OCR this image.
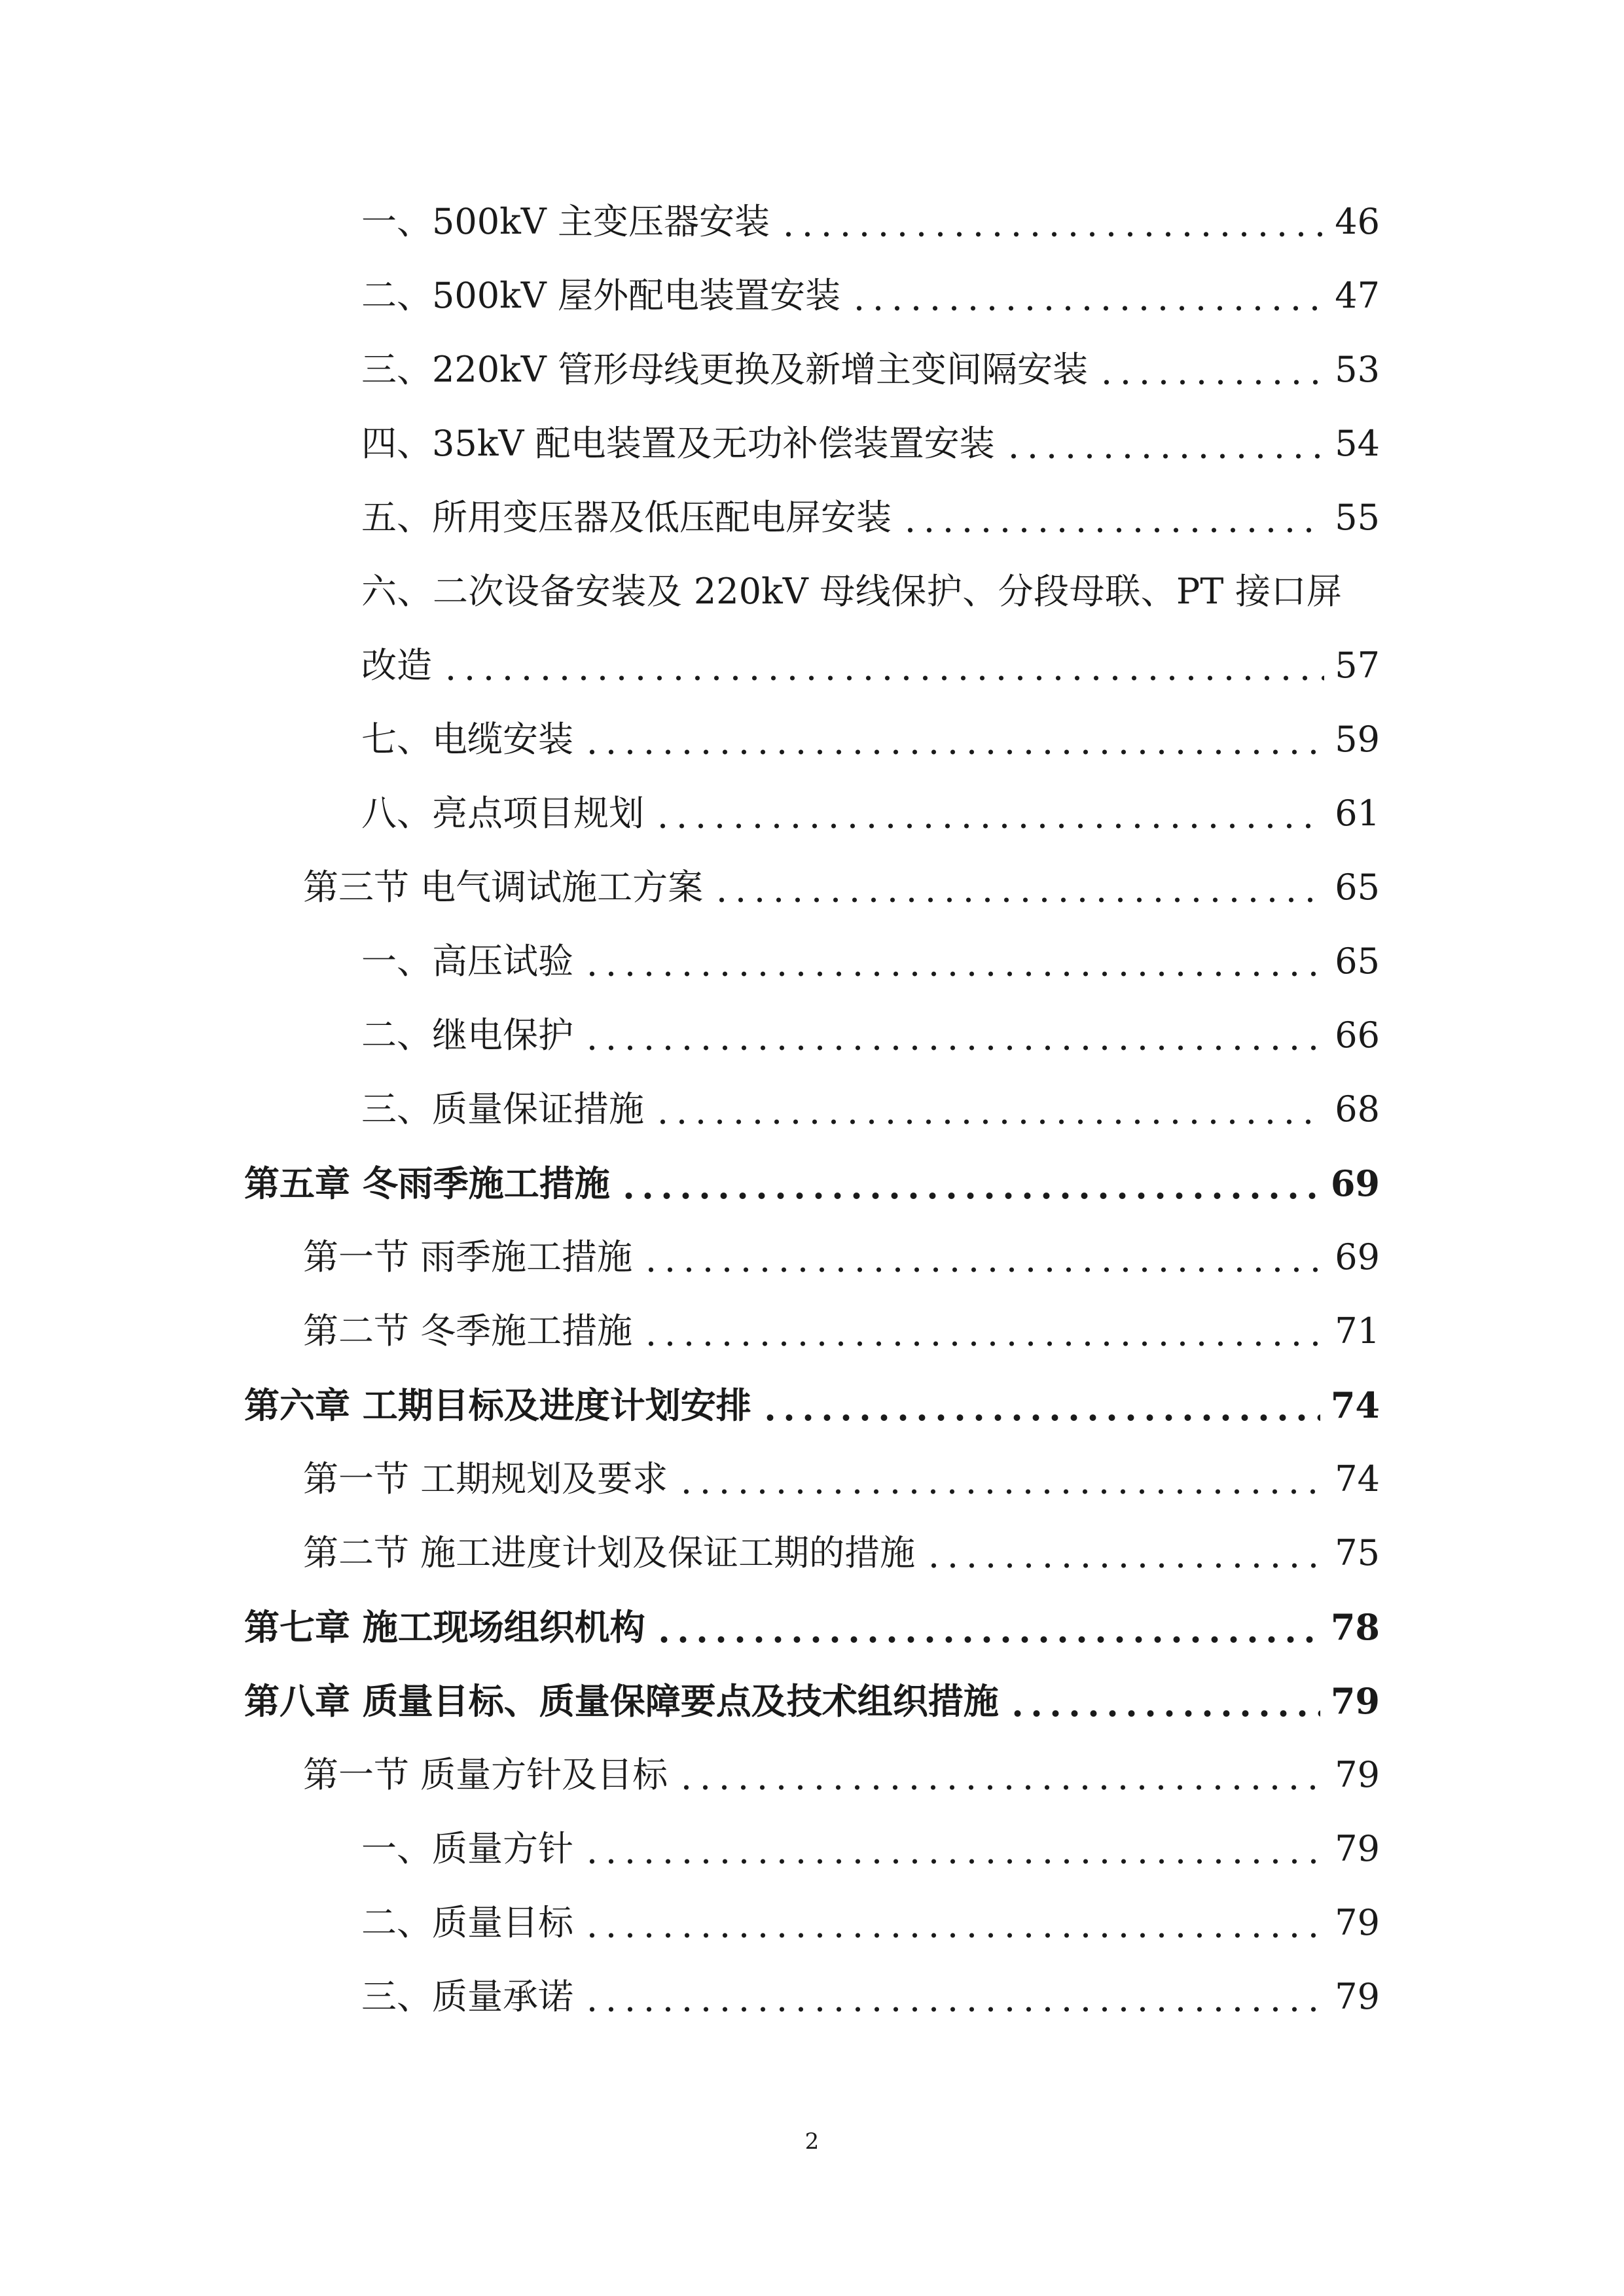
一、500kV 主变压器安装	46
二、500kV 屋外配电装置安装	47
三、220kV 管形母线更换及新增主变间隔安装	53
四、35kV 配电装置及无功补偿装置安装	54
五、所用变压器及低压配电屏安装	55
六、二次设备安装及 220kV 母线保护、分段母联、PT 接口屏
改造	57
七、电缆安装	59
八、亮点项目规划	61
第三节 电气调试施工方案	65
一、高压试验	65
二、继电保护	66
三、质量保证措施	68
第五章 冬雨季施工措施	69
第一节 雨季施工措施	69
第二节 冬季施工措施	71
第六章 工期目标及进度计划安排	74
第一节 工期规划及要求	74
第二节 施工进度计划及保证工期的措施	75
第七章 施工现场组织机构	78
第八章 质量目标、质量保障要点及技术组织措施	79
第一节 质量方针及目标	79
一、质量方针	79
二、质量目标	79
三、质量承诺	79
2
